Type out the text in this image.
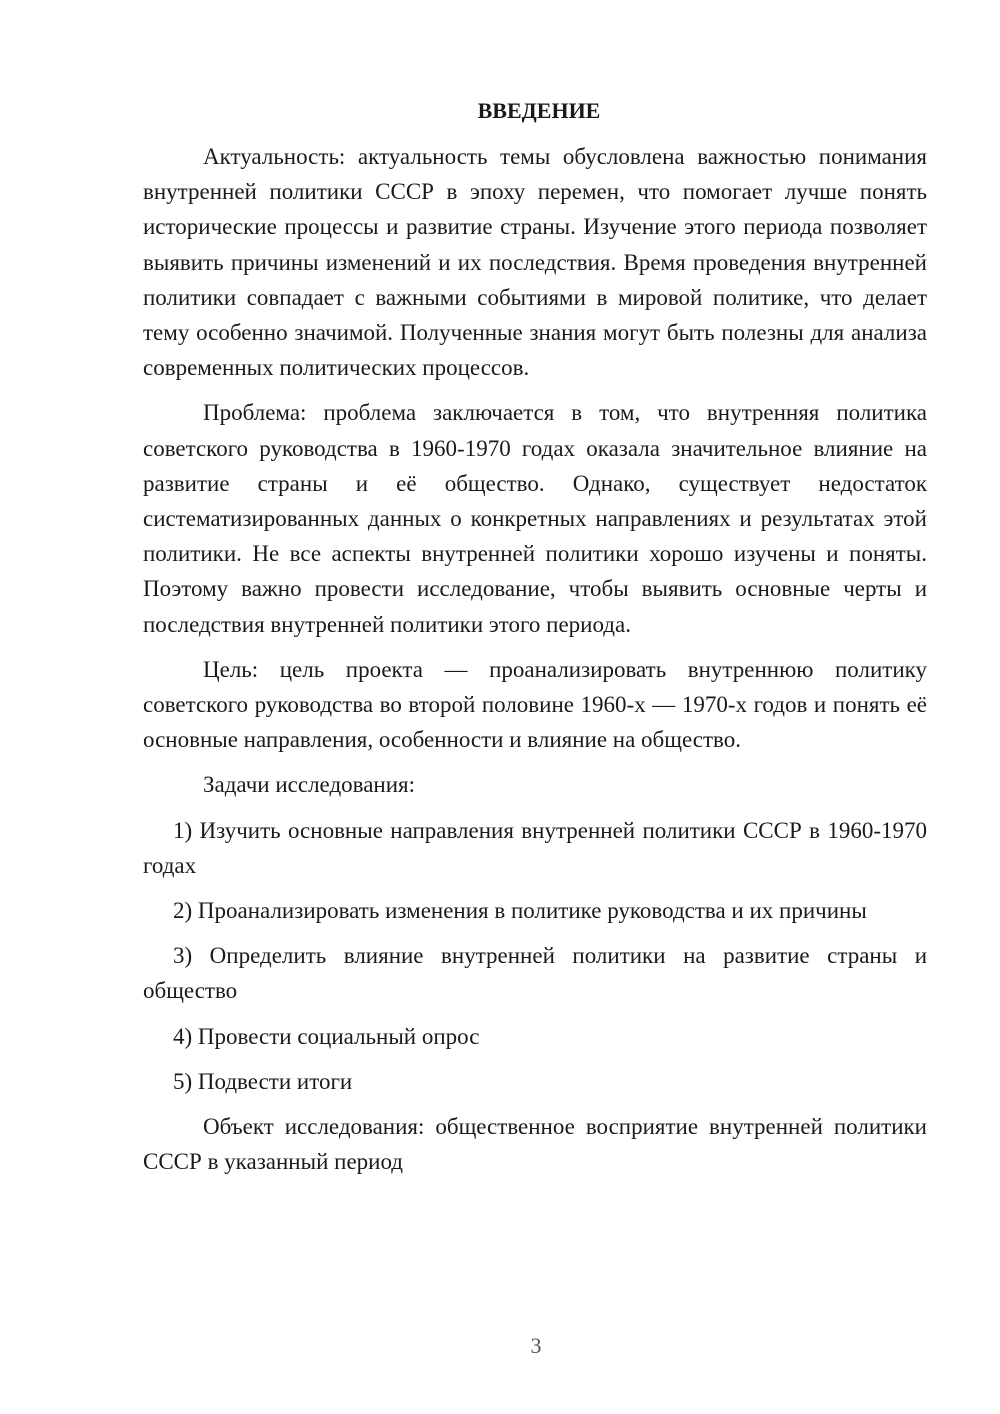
ВВЕДЕНИЕ

Актуальность: актуальность темы обусловлена важностью понимания внутренней политики СССР в эпоху перемен, что помогает лучше понять исторические процессы и развитие страны. Изучение этого периода позволяет выявить причины изменений и их последствия. Время проведения внутренней политики совпадает с важными событиями в мировой политике, что делает тему особенно значимой. Полученные знания могут быть полезны для анализа современных политических процессов.

Проблема: проблема заключается в том, что внутренняя политика советского руководства в 1960-1970 годах оказала значительное влияние на развитие страны и её общество. Однако, существует недостаток систематизированных данных о конкретных направлениях и результатах этой политики. Не все аспекты внутренней политики хорошо изучены и поняты. Поэтому важно провести исследование, чтобы выявить основные черты и последствия внутренней политики этого периода.

Цель: цель проекта — проанализировать внутреннюю политику советского руководства во второй половине 1960-х — 1970-х годов и понять её основные направления, особенности и влияние на общество.

Задачи исследования:

1) Изучить основные направления внутренней политики СССР в 1960-1970 годах

2) Проанализировать изменения в политике руководства и их причины

3) Определить влияние внутренней политики на развитие страны и общество

4) Провести социальный опрос

5) Подвести итоги

Объект исследования: общественное восприятие внутренней политики СССР в указанный период

3
